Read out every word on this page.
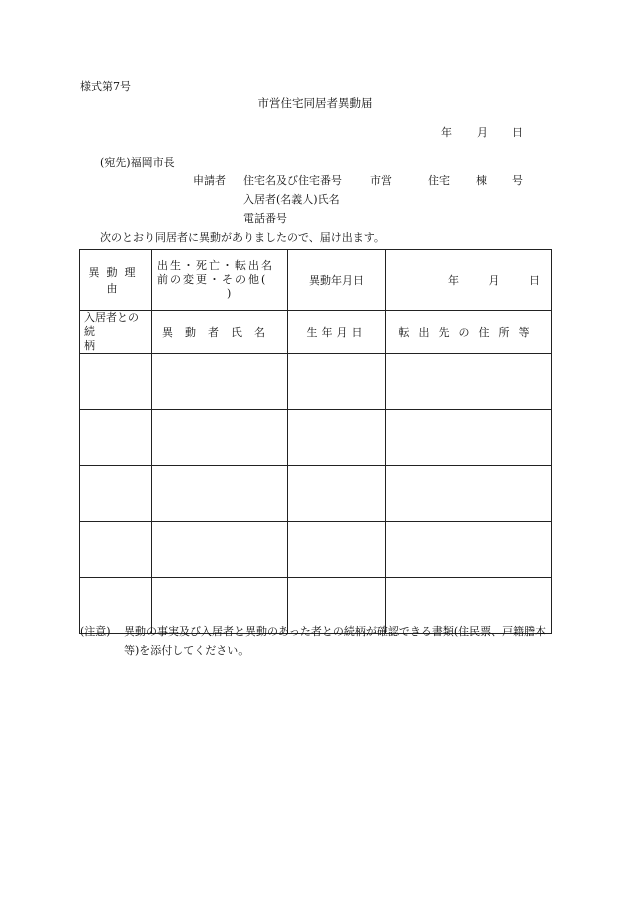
様式第7号
市営住宅同居者異動届
年 月 日
(宛先)福岡市長
申請者 住宅名及び住宅番号	市営	住宅 棟 号
入居者(名義人)氏名
電話番号
次のとおり同居者に異動がありましたので、届け出ます。
異動理由	出生・死亡・転出名前の変更・その他()	異動年月日	年 月 日

入居者との
続柄	異動者氏名	生年月日	転出先の住所等

(注意) 異動の事実及び入居者と異動のあった者との続柄が確認できる書類(住民票、戸籍謄本等)を添付してください。
